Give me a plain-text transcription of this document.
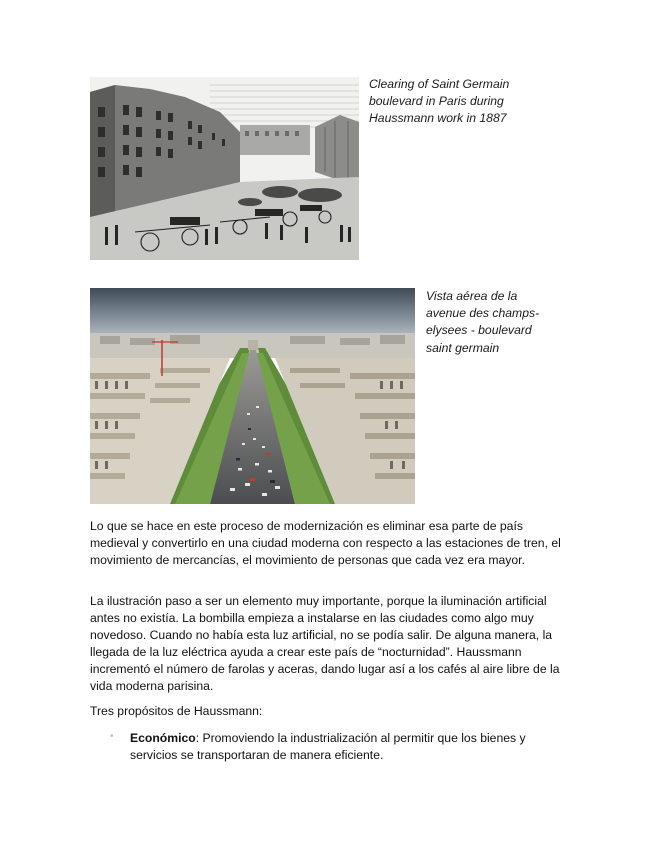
Clearing of Saint Germain
boulevard in Paris during
Haussmann work in 1887
Vista aérea de la
avenue des champs-
elysees - boulevard
saint germain

Lo que se hace en este proceso de modernización es eliminar esa parte de país medieval y convertirlo en una ciudad moderna con respecto a las estaciones de tren, el movimiento de mercancías, el movimiento de personas que cada vez era mayor.

La ilustración paso a ser un elemento muy importante, porque la iluminación artificial antes no existía. La bombilla empieza a instalarse en las ciudades como algo muy novedoso. Cuando no había esta luz artificial, no se podía salir. De alguna manera, la llegada de la luz eléctrica ayuda a crear este país de “nocturnidad”. Haussmann incrementó el número de farolas y aceras, dando lugar así a los cafés al aire libre de la vida moderna parisina.

Tres propósitos de Haussmann:

• Económico: Promoviendo la industrialización al permitir que los bienes y servicios se transportaran de manera eficiente.
